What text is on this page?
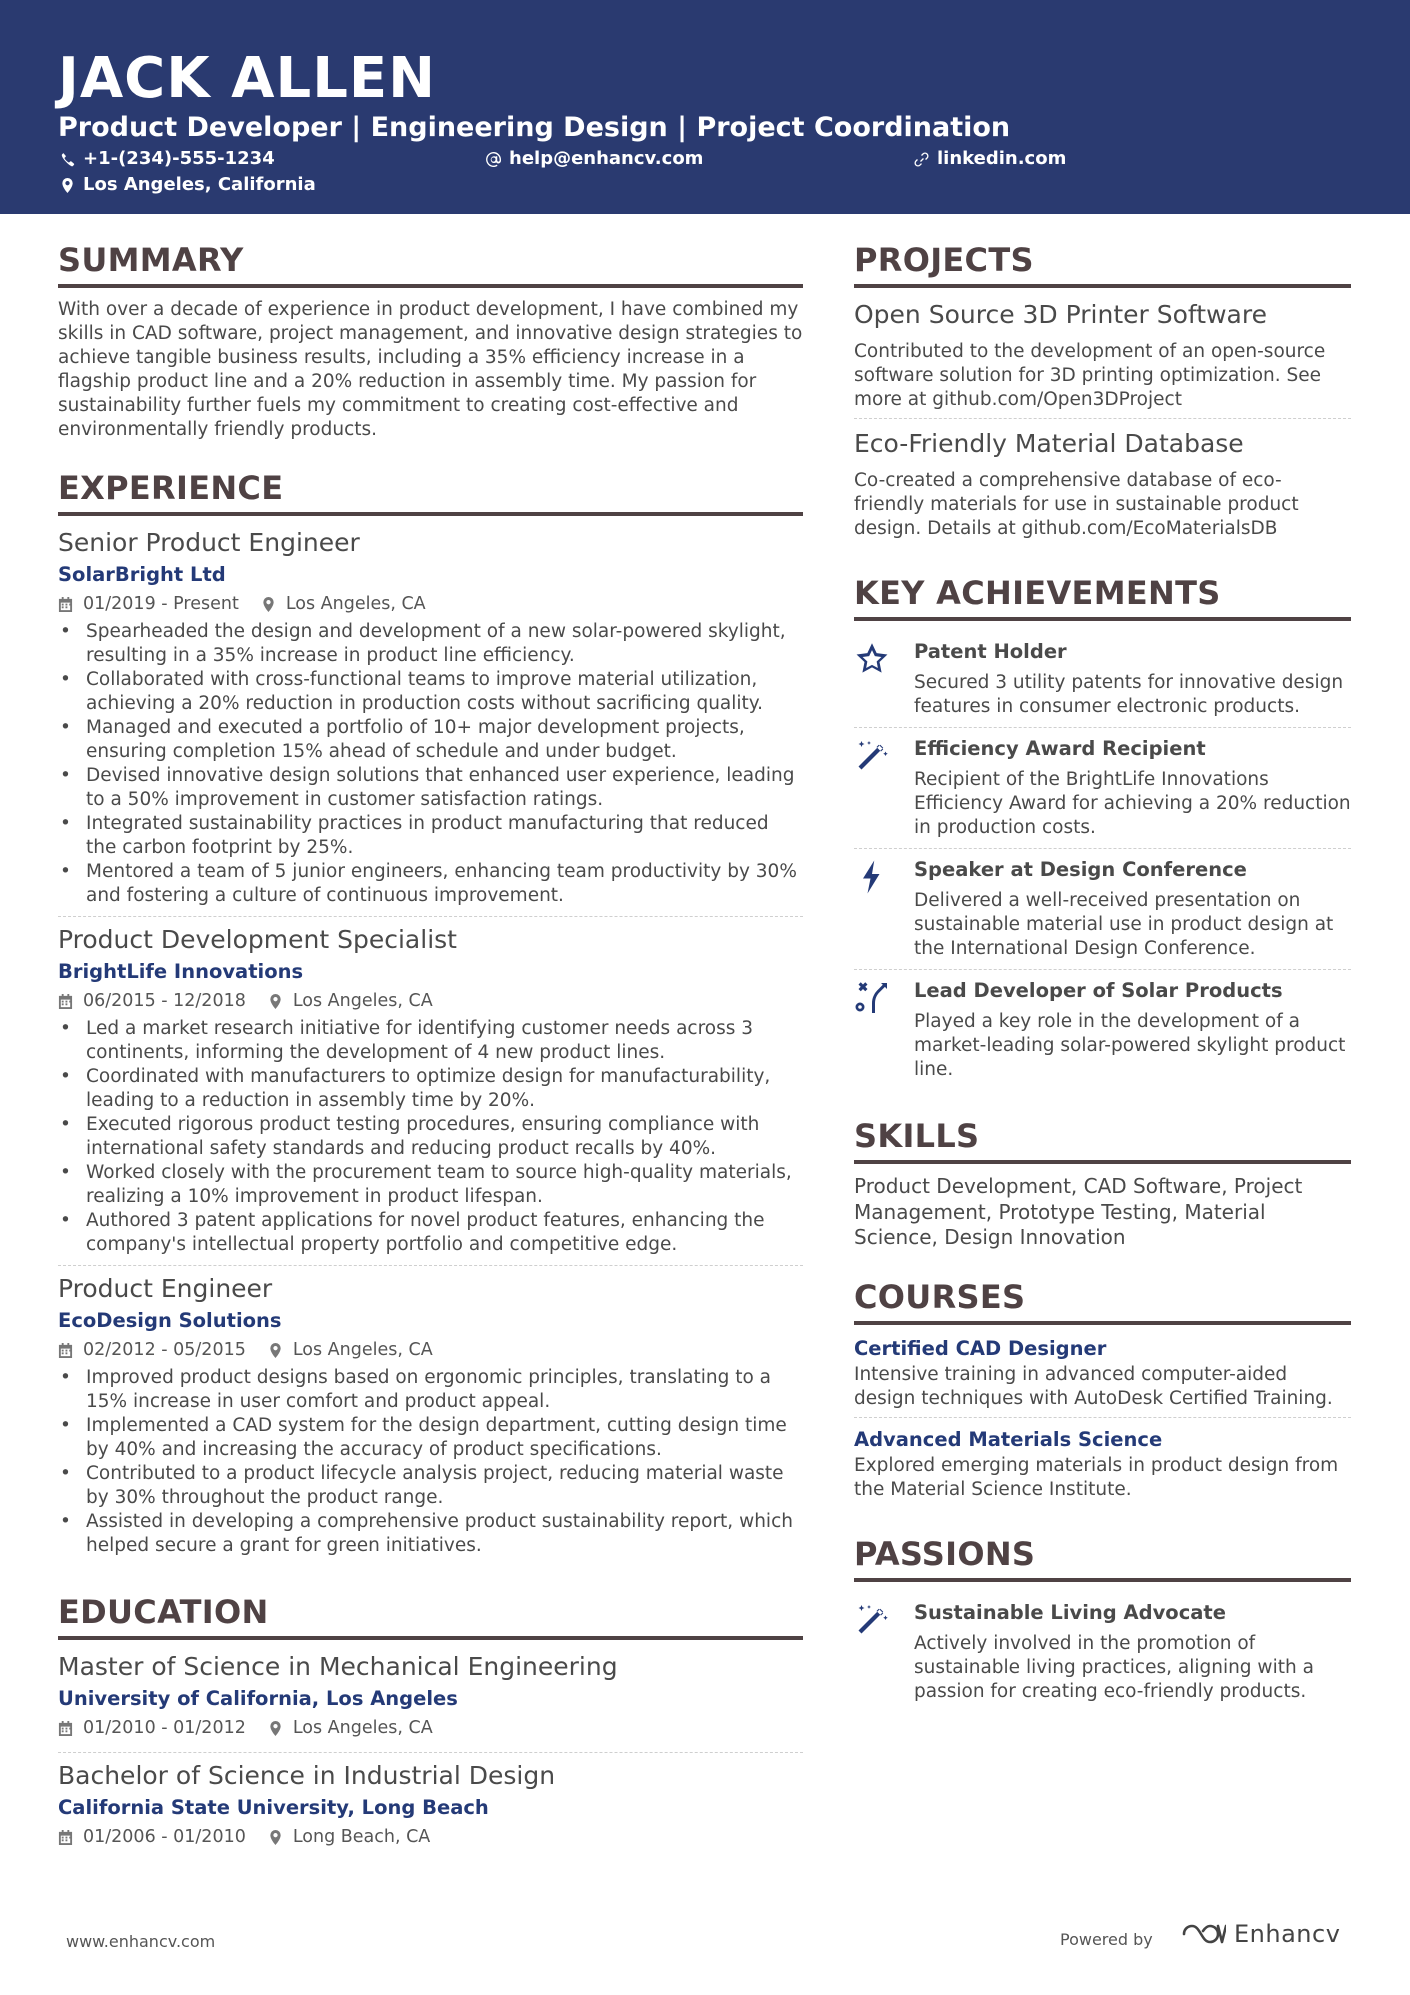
JACK ALLEN
Product Developer | Engineering Design | Project Coordination
+1-(234)-555-1234	help@enhancv.com	linkedin.com
Los Angeles, California
SUMMARY

With over a decade of experience in product development, I have combined my skills in CAD software, project management, and innovative design strategies to achieve tangible business results, including a 35% efficiency increase in a flagship product line and a 20% reduction in assembly time. My passion for sustainability further fuels my commitment to creating cost-effective and environmentally friendly products.

EXPERIENCE
Senior Product Engineer
SolarBright Ltd
01/2019 - Present	Los Angeles, CA
• Spearheaded the design and development of a new solar-powered skylight, resulting in a 35% increase in product line efficiency.
• Collaborated with cross-functional teams to improve material utilization, achieving a 20% reduction in production costs without sacrificing quality.
• Managed and executed a portfolio of 10+ major development projects, ensuring completion 15% ahead of schedule and under budget.
• Devised innovative design solutions that enhanced user experience, leading to a 50% improvement in customer satisfaction ratings.
• Integrated sustainability practices in product manufacturing that reduced the carbon footprint by 25%.
• Mentored a team of 5 junior engineers, enhancing team productivity by 30% and fostering a culture of continuous improvement.
Product Development Specialist
BrightLife Innovations
06/2015 - 12/2018	Los Angeles, CA
• Led a market research initiative for identifying customer needs across 3 continents, informing the development of 4 new product lines.
• Coordinated with manufacturers to optimize design for manufacturability, leading to a reduction in assembly time by 20%.
• Executed rigorous product testing procedures, ensuring compliance with international safety standards and reducing product recalls by 40%.
• Worked closely with the procurement team to source high-quality materials, realizing a 10% improvement in product lifespan.
• Authored 3 patent applications for novel product features, enhancing the company's intellectual property portfolio and competitive edge.
Product Engineer
EcoDesign Solutions
02/2012 - 05/2015	Los Angeles, CA
• Improved product designs based on ergonomic principles, translating to a 15% increase in user comfort and product appeal.
• Implemented a CAD system for the design department, cutting design time by 40% and increasing the accuracy of product specifications.
• Contributed to a product lifecycle analysis project, reducing material waste by 30% throughout the product range.
• Assisted in developing a comprehensive product sustainability report, which helped secure a grant for green initiatives.
EDUCATION
Master of Science in Mechanical Engineering
University of California, Los Angeles
01/2010 - 01/2012	Los Angeles, CA
Bachelor of Science in Industrial Design
California State University, Long Beach
01/2006 - 01/2010	Long Beach, CA
PROJECTS
Open Source 3D Printer Software
Contributed to the development of an open-source software solution for 3D printing optimization. See more at github.com/Open3DProject
Eco-Friendly Material Database
Co-created a comprehensive database of eco-friendly materials for use in sustainable product design. Details at github.com/EcoMaterialsDB
KEY ACHIEVEMENTS
Patent Holder
Secured 3 utility patents for innovative design features in consumer electronic products.
Efficiency Award Recipient
Recipient of the BrightLife Innovations Efficiency Award for achieving a 20% reduction in production costs.
Speaker at Design Conference
Delivered a well-received presentation on sustainable material use in product design at the International Design Conference.
Lead Developer of Solar Products
Played a key role in the development of a market-leading solar-powered skylight product line.
SKILLS
Product Development, CAD Software, Project Management, Prototype Testing, Material Science, Design Innovation
COURSES
Certified CAD Designer
Intensive training in advanced computer-aided design techniques with AutoDesk Certified Training.
Advanced Materials Science
Explored emerging materials in product design from the Material Science Institute.
PASSIONS
Sustainable Living Advocate
Actively involved in the promotion of sustainable living practices, aligning with a passion for creating eco-friendly products.
www.enhancv.com	Powered by	Enhancv
